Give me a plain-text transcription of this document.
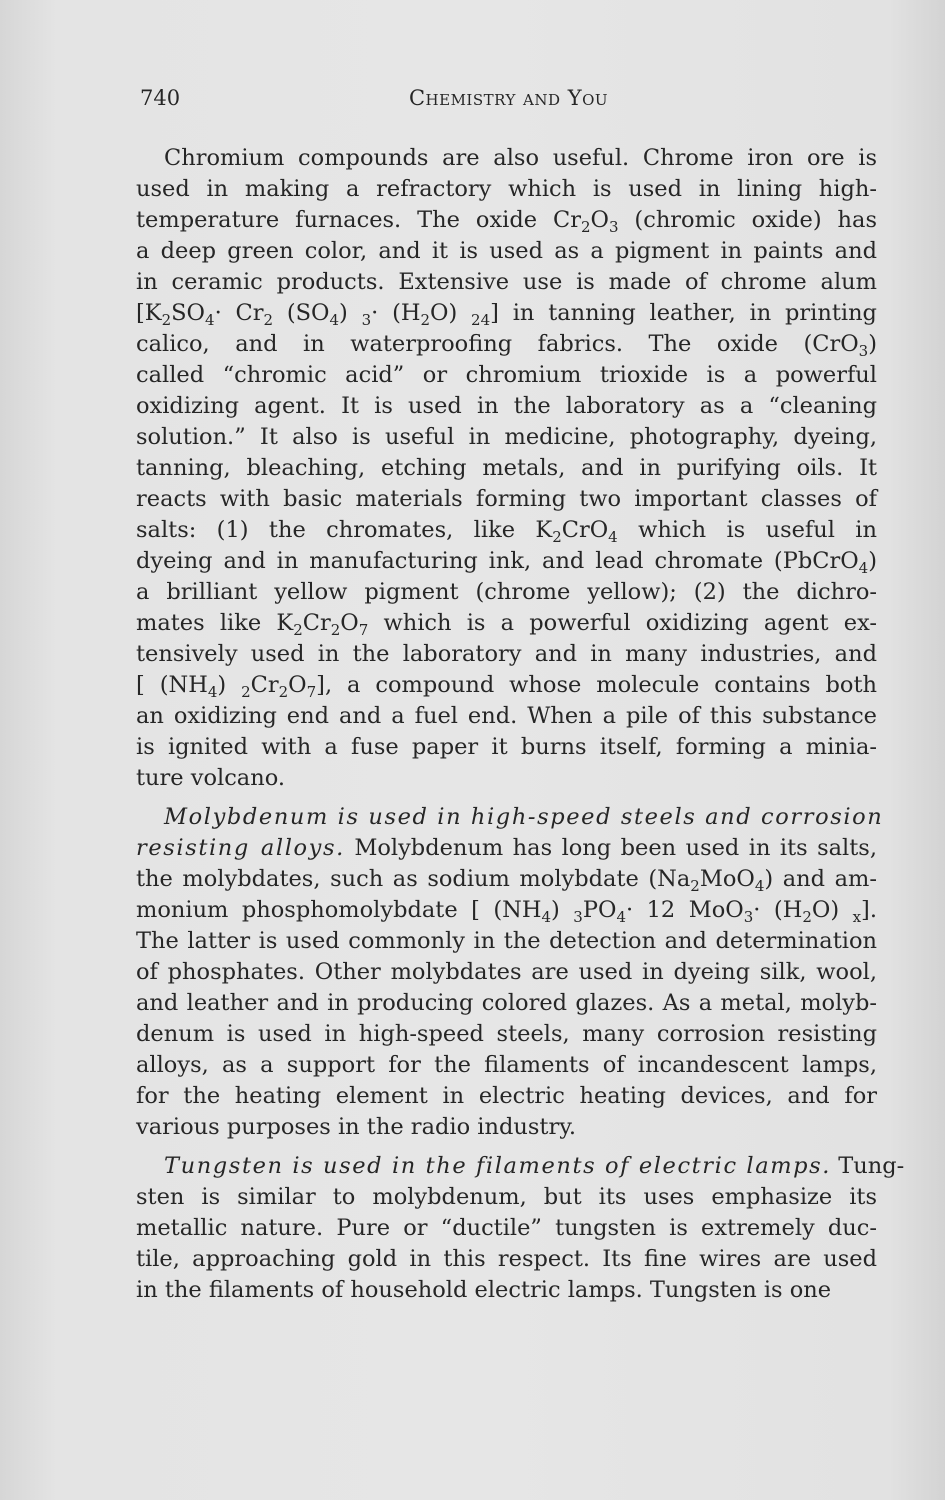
740	Chemistry and You
Chromium compounds are also useful. Chrome iron ore is
used in making a refractory which is used in lining high-
temperature furnaces. The oxide $Cr_2O_3$ (chromic oxide) has
a deep green color, and it is used as a pigment in paints and
in ceramic products. Extensive use is made of chrome alum
[$K_2SO_4\cdot Cr_2$ $(SO_4)$ $_3\cdot (H_2O)$ $_{24}$] in tanning leather, in printing
calico, and in waterproofing fabrics. The oxide (CrO$_3$)
called “chromic acid” or chromium trioxide is a powerful
oxidizing agent. It is used in the laboratory as a “cleaning
solution.” It also is useful in medicine, photography, dyeing,
tanning, bleaching, etching metals, and in purifying oils. It
reacts with basic materials forming two important classes of
salts: (1) the chromates, like $K_2CrO_4$ which is useful in
dyeing and in manufacturing ink, and lead chromate (PbCrO$_4$)
a brilliant yellow pigment (chrome yellow); (2) the dichro-
mates like $K_2Cr_2O_7$ which is a powerful oxidizing agent ex-
tensively used in the laboratory and in many industries, and
[ $(NH_4)$ $_2Cr_2O_7$], a compound whose molecule contains both
an oxidizing end and a fuel end. When a pile of this substance
is ignited with a fuse paper it burns itself, forming a minia-
ture volcano.
Molybdenum is used in high-speed steels and corrosion
resisting alloys. Molybdenum has long been used in its salts,
the molybdates, such as sodium molybdate $(Na_2MoO_4)$ and am-
monium phosphomolybdate [ $(NH_4)$ $_3PO_4\cdot 12$ $MoO_3\cdot (H_2O)$ $_x$].
The latter is used commonly in the detection and determination
of phosphates. Other molybdates are used in dyeing silk, wool,
and leather and in producing colored glazes. As a metal, molyb-
denum is used in high-speed steels, many corrosion resisting
alloys, as a support for the filaments of incandescent lamps,
for the heating element in electric heating devices, and for
various purposes in the radio industry.
Tungsten is used in the filaments of electric lamps. Tung-
sten is similar to molybdenum, but its uses emphasize its
metallic nature. Pure or “ductile” tungsten is extremely duc-
tile, approaching gold in this respect. Its fine wires are used
in the filaments of household electric lamps. Tungsten is one
